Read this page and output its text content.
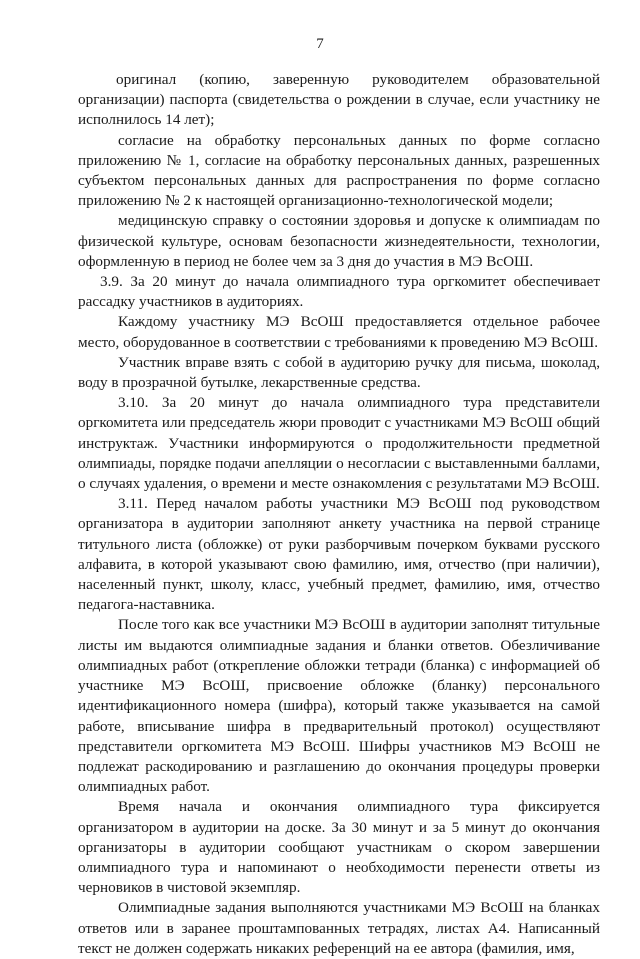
7

оригинал (копию, заверенную руководителем образовательной организации) паспорта (свидетельства о рождении в случае, если участнику не исполнилось 14 лет);

согласие на обработку персональных данных по форме согласно приложению № 1, согласие на обработку персональных данных, разрешенных субъектом персональных данных для распространения по форме согласно приложению № 2 к настоящей организационно-технологической модели;

медицинскую справку о состоянии здоровья и допуске к олимпиадам по физической культуре, основам безопасности жизнедеятельности, технологии, оформленную в период не более чем за 3 дня до участия в МЭ ВсОШ.

3.9. За 20 минут до начала олимпиадного тура оргкомитет обеспечивает рассадку участников в аудиториях.

Каждому участнику МЭ ВсОШ предоставляется отдельное рабочее место, оборудованное в соответствии с требованиями к проведению МЭ ВсОШ.

Участник вправе взять с собой в аудиторию ручку для письма, шоколад, воду в прозрачной бутылке, лекарственные средства.

3.10. За 20 минут до начала олимпиадного тура представители оргкомитета или председатель жюри проводит с участниками МЭ ВсОШ общий инструктаж. Участники информируются о продолжительности предметной олимпиады, порядке подачи апелляции о несогласии с выставленными баллами, о случаях удаления, о времени и месте ознакомления с результатами МЭ ВсОШ.

3.11. Перед началом работы участники МЭ ВсОШ под руководством организатора в аудитории заполняют анкету участника на первой странице титульного листа (обложке) от руки разборчивым почерком буквами русского алфавита, в которой указывают свою фамилию, имя, отчество (при наличии), населенный пункт, школу, класс, учебный предмет, фамилию, имя, отчество педагога-наставника.

После того как все участники МЭ ВсОШ в аудитории заполнят титульные листы им выдаются олимпиадные задания и бланки ответов. Обезличивание олимпиадных работ (открепление обложки тетради (бланка) с информацией об участнике МЭ ВсОШ, присвоение обложке (бланку) персонального идентификационного номера (шифра), который также указывается на самой работе, вписывание шифра в предварительный протокол) осуществляют представители оргкомитета МЭ ВсОШ. Шифры участников МЭ ВсОШ не подлежат раскодированию и разглашению до окончания процедуры проверки олимпиадных работ.

Время начала и окончания олимпиадного тура фиксируется организатором в аудитории на доске. За 30 минут и за 5 минут до окончания организаторы в аудитории сообщают участникам о скором завершении олимпиадного тура и напоминают о необходимости перенести ответы из черновиков в чистовой экземпляр.

Олимпиадные задания выполняются участниками МЭ ВсОШ на бланках ответов или в заранее проштампованных тетрадях, листах А4. Написанный текст не должен содержать никаких референций на ее автора (фамилия, имя,
